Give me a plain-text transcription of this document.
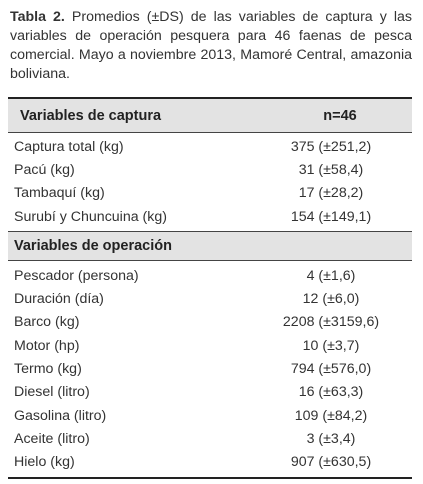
Tabla 2. Promedios (±DS) de las variables de captura y las variables de operación pesquera para 46 faenas de pesca comercial. Mayo a noviembre 2013, Mamoré Central, amazonia boliviana.
Variables de captura	n=46
Captura total (kg)	375 (±251,2)
Pacú (kg)	31 (±58,4)
Tambaquí (kg)	17 (±28,2)
Surubí y Chuncuina (kg)	154 (±149,1)
Variables de operación
Pescador (persona)	4 (±1,6)
Duración (día)	12 (±6,0)
Barco (kg)	2208 (±3159,6)
Motor (hp)	10 (±3,7)
Termo (kg)	794 (±576,0)
Diesel (litro)	16 (±63,3)
Gasolina (litro)	109 (±84,2)
Aceite (litro)	3 (±3,4)
Hielo (kg)	907 (±630,5)
